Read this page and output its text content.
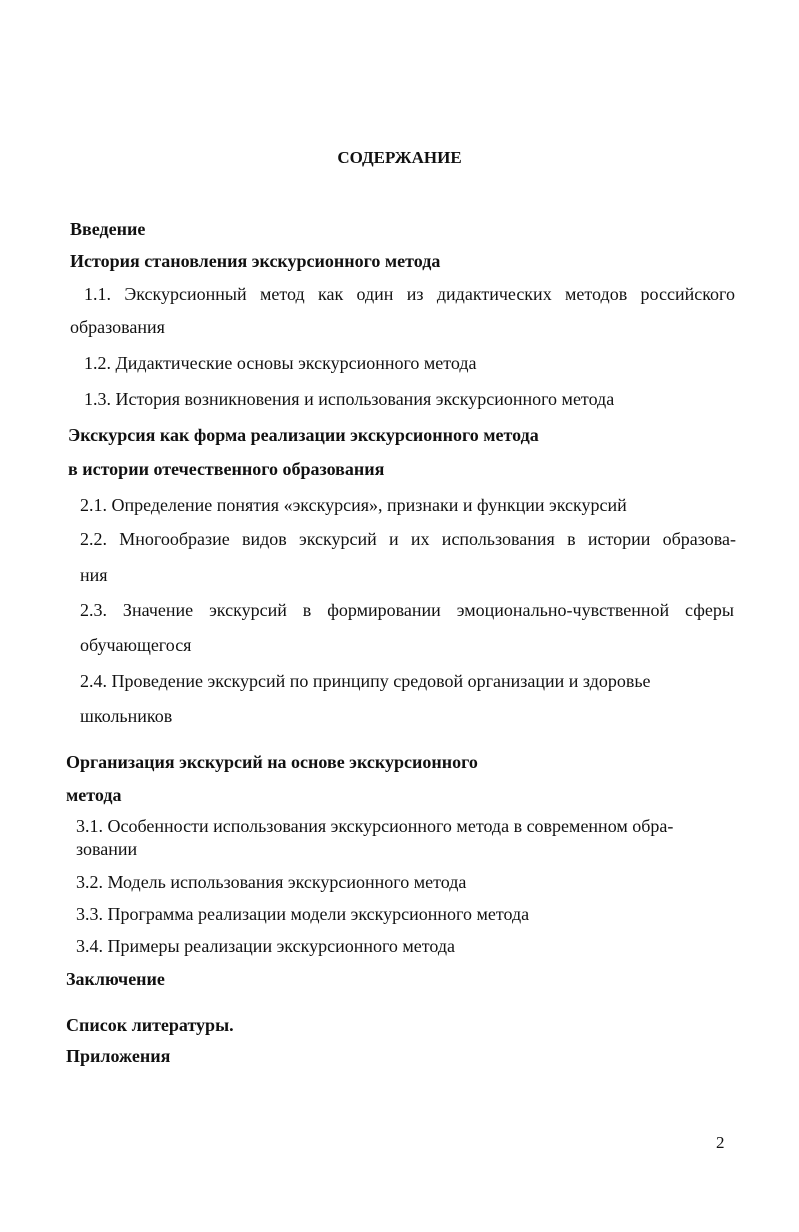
СОДЕРЖАНИЕ
Введение
История становления экскурсионного метода
1.1. Экскурсионный метод как один из дидактических методов российского
образования
1.2. Дидактические основы экскурсионного метода
1.3. История возникновения и использования экскурсионного метода
Экскурсия как форма реализации экскурсионного метода
в истории отечественного образования
2.1. Определение понятия «экскурсия», признаки и функции экскурсий
2.2. Многообразие видов экскурсий и их использования в истории образова-
ния
2.3. Значение экскурсий в формировании эмоционально-чувственной сферы
обучающегося
2.4. Проведение экскурсий по принципу средовой организации и здоровье
школьников
Организация экскурсий на основе экскурсионного
метода
3.1. Особенности использования экскурсионного метода в современном обра-
зовании
3.2. Модель использования экскурсионного метода
3.3. Программа реализации модели экскурсионного метода
3.4. Примеры реализации экскурсионного метода
Заключение
Список литературы.
Приложения
2
